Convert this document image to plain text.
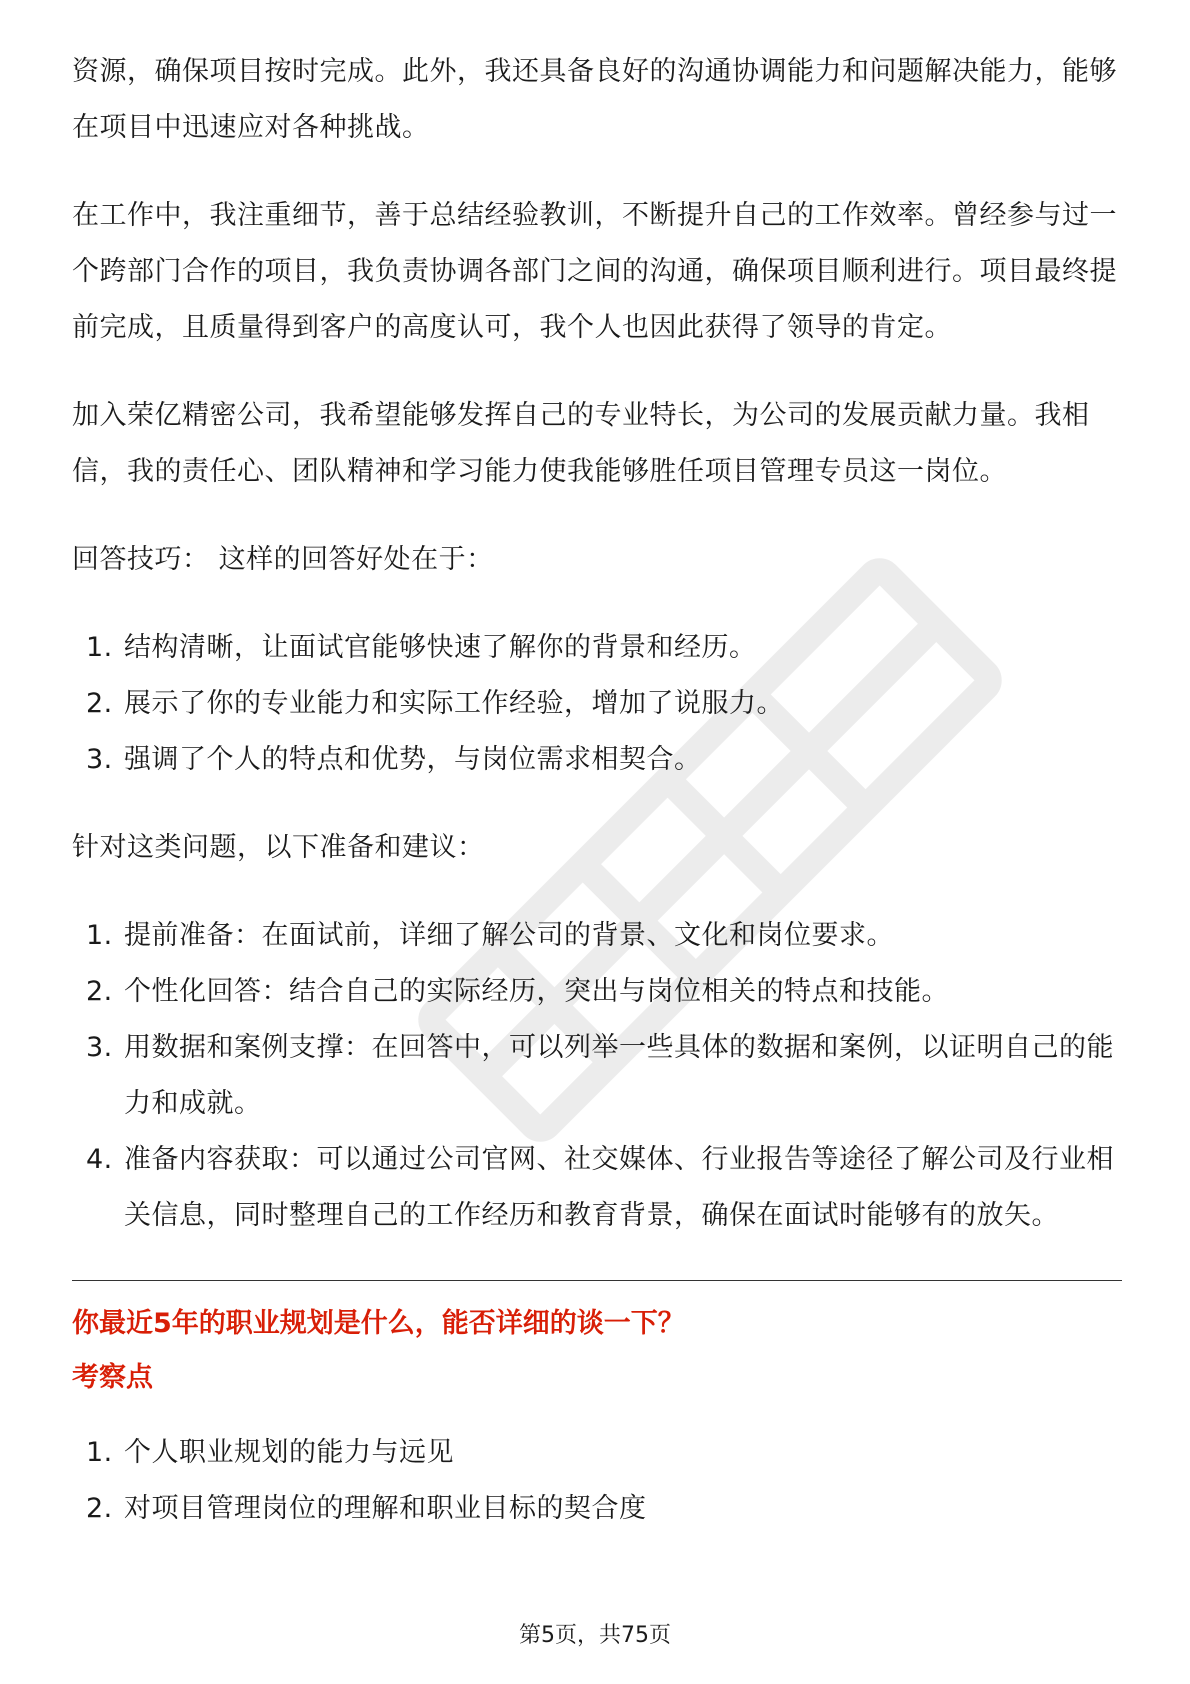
资源，确保项目按时完成。此外，我还具备良好的沟通协调能力和问题解决能力，能够在项目中迅速应对各种挑战。

在工作中，我注重细节，善于总结经验教训，不断提升自己的工作效率。曾经参与过一个跨部门合作的项目，我负责协调各部门之间的沟通，确保项目顺利进行。项目最终提前完成，且质量得到客户的高度认可，我个人也因此获得了领导的肯定。

加入荣亿精密公司，我希望能够发挥自己的专业特长，为公司的发展贡献力量。我相信，我的责任心、团队精神和学习能力使我能够胜任项目管理专员这一岗位。

回答技巧： 这样的回答好处在于：

1. 结构清晰，让面试官能够快速了解你的背景和经历。
2. 展示了你的专业能力和实际工作经验，增加了说服力。
3. 强调了个人的特点和优势，与岗位需求相契合。

针对这类问题，以下准备和建议：

1. 提前准备：在面试前，详细了解公司的背景、文化和岗位要求。
2. 个性化回答：结合自己的实际经历，突出与岗位相关的特点和技能。
3. 用数据和案例支撑：在回答中，可以列举一些具体的数据和案例，以证明自己的能力和成就。
4. 准备内容获取：可以通过公司官网、社交媒体、行业报告等途径了解公司及行业相关信息，同时整理自己的工作经历和教育背景，确保在面试时能够有的放矢。

你最近5年的职业规划是什么，能否详细的谈一下？

考察点

1. 个人职业规划的能力与远见
2. 对项目管理岗位的理解和职业目标的契合度
第5页，共75页
